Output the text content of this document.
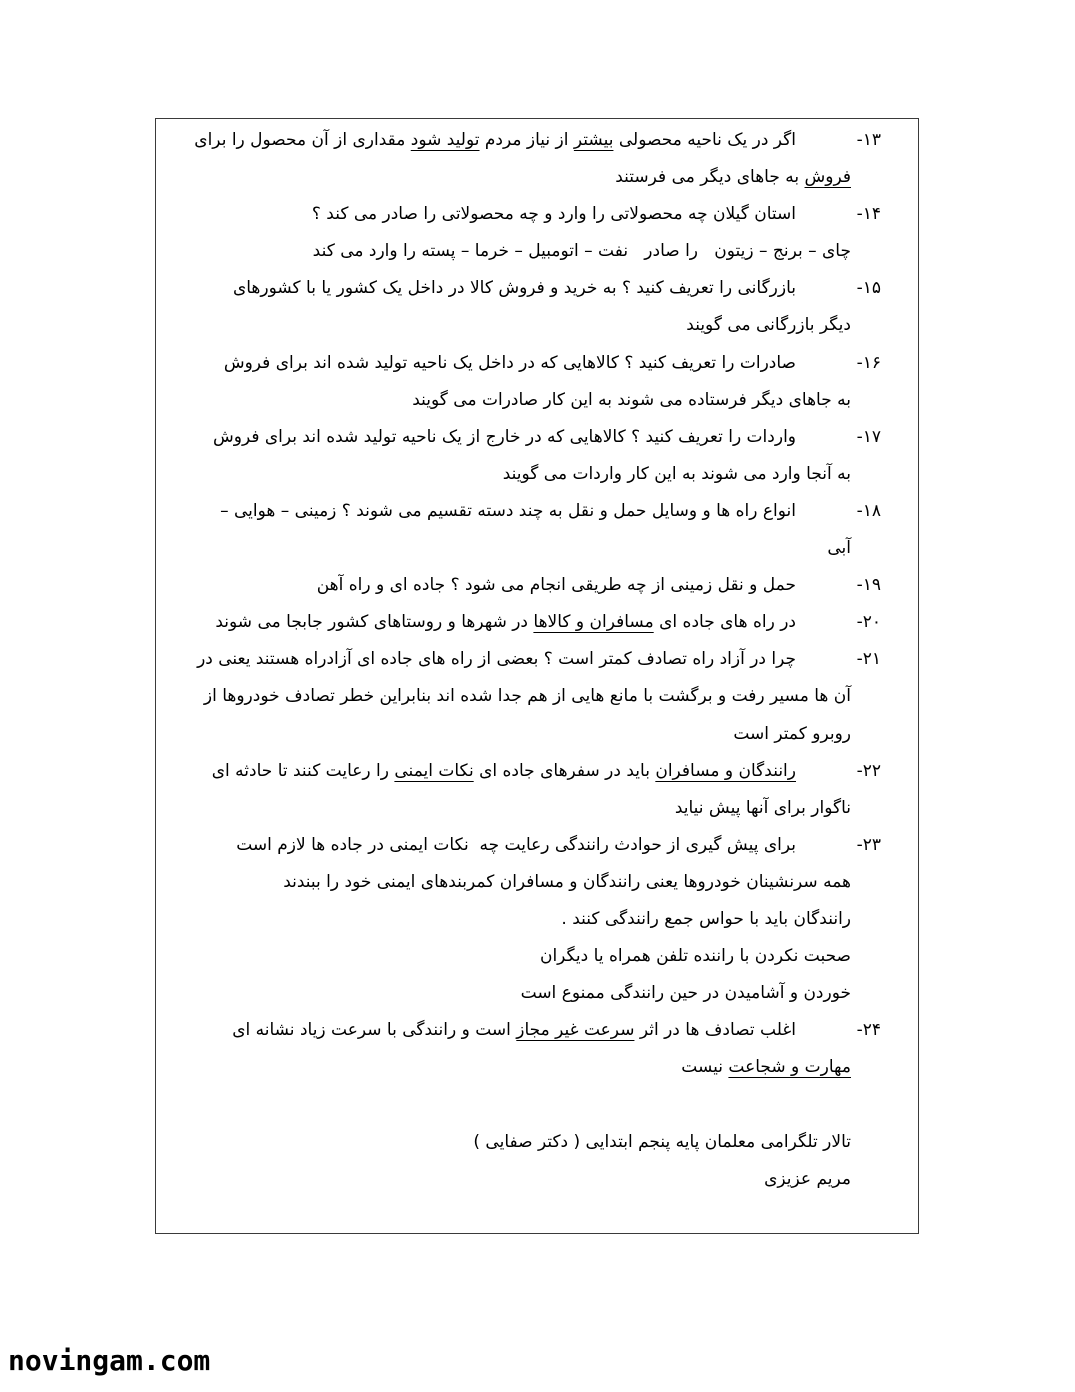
۱۳-
اگر در یک ناحیه محصولی بیشتر از نیاز مردم تولید شود مقداری از آن محصول را برای
فروش به جاهای دیگر می فرستند
۱۴-
استان گیلان چه محصولاتی را وارد و چه محصولاتی را صادر می کند ؟
چای – برنج – زیتون   را صادر   نفت – اتومبیل – خرما – پسته را وارد می کند
۱۵-
بازرگانی را تعریف کنید ؟ به خرید و فروش کالا در داخل یک کشور یا با کشورهای
دیگر بازرگانی می گویند
۱۶-
صادرات را تعریف کنید ؟ کالاهایی که در داخل یک ناحیه تولید شده اند برای فروش
به جاهای دیگر فرستاده می شوند به این کار صادرات می گویند
۱۷-
واردات را تعریف کنید ؟ کالاهایی که در خارج از یک ناحیه تولید شده اند برای فروش
به آنجا وارد می شوند به این کار واردات می گویند
۱۸-
انواع راه ها و وسایل حمل و نقل به چند دسته تقسیم می شوند ؟ زمینی – هوایی –
آبی
۱۹-
حمل و نقل زمینی از چه طریقی انجام می شود ؟ جاده ای و راه آهن
۲۰-
در راه های جاده ای مسافران و کالاها در شهرها و روستاهای کشور جابجا می شوند
۲۱-
چرا در آزاد راه تصادف کمتر است ؟ بعضی از راه های جاده ای آزادراه هستند یعنی در
آن ها مسیر رفت و برگشت با مانع هایی از هم جدا شده اند بنابراین خطر تصادف خودروها از
روبرو کمتر است
۲۲-
رانندگان و مسافران باید در سفرهای جاده ای نکات ایمنی را رعایت کنند تا حادثه ای
ناگوار برای آنها پیش نیاید
۲۳-
برای پیش گیری از حوادث رانندگی رعایت چه  نکات ایمنی در جاده ها لازم است
همه سرنشینان خودروها یعنی رانندگان و مسافران کمربندهای ایمنی خود را ببندند
رانندگان باید با حواس جمع رانندگی کنند .
صحبت نکردن با راننده تلفن همراه یا دیگران
خوردن و آشامیدن در حین رانندگی ممنوع است
۲۴-
اغلب تصادف ها در اثر سرعت غیر مجاز است و رانندگی با سرعت زیاد نشانه ای
مهارت و شجاعت نیست
تالار تلگرامی معلمان پایه پنجم ابتدایی ( دکتر صفایی )
مریم عزیزی
novingam.com
